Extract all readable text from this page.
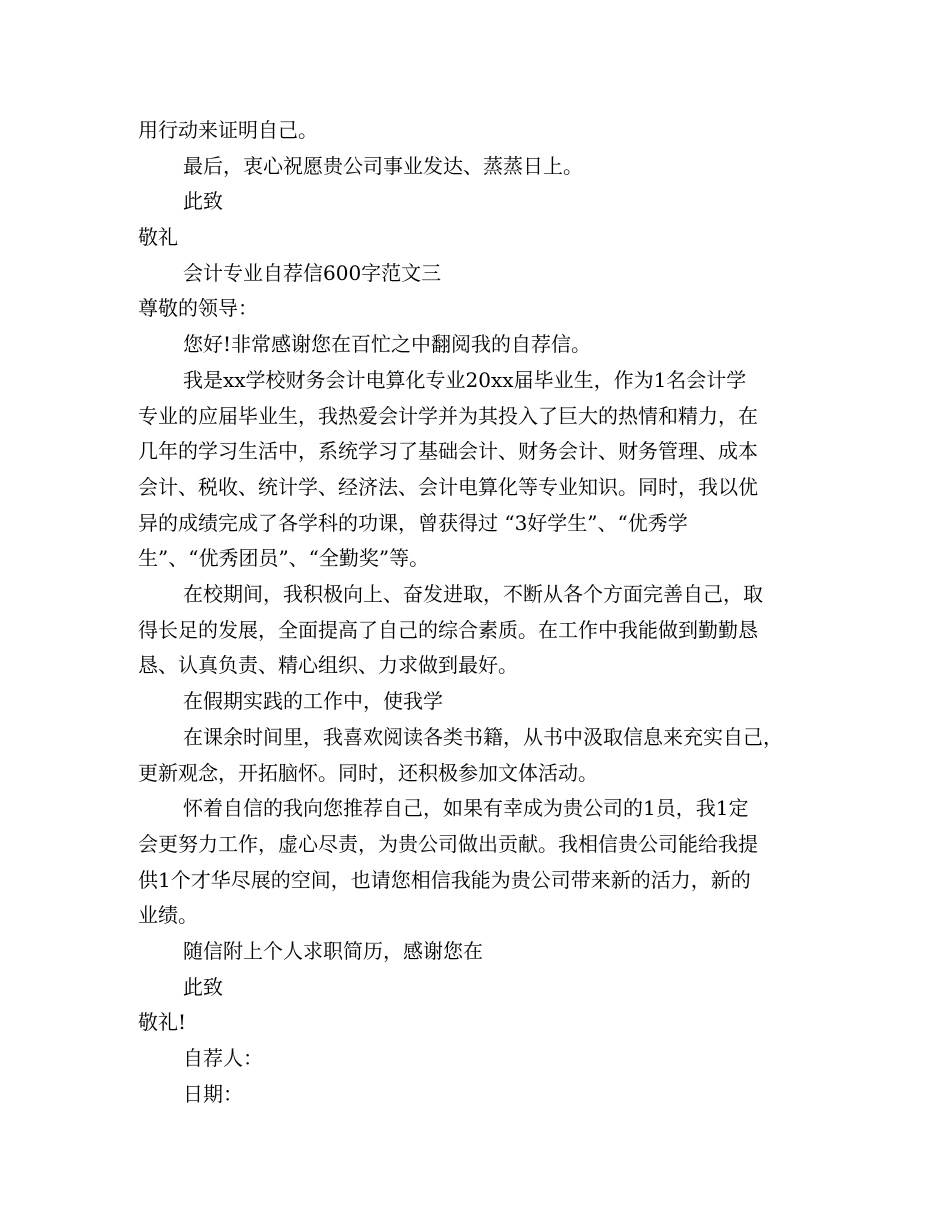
用行动来证明自己。
最后，衷心祝愿贵公司事业发达、蒸蒸日上。
此致
敬礼
会计专业自荐信600字范文三
尊敬的领导：
您好!非常感谢您在百忙之中翻阅我的自荐信。
我是xx学校财务会计电算化专业20xx届毕业生，作为1名会计学
专业的应届毕业生，我热爱会计学并为其投入了巨大的热情和精力，在
几年的学习生活中，系统学习了基础会计、财务会计、财务管理、成本
会计、税收、统计学、经济法、会计电算化等专业知识。同时，我以优
异的成绩完成了各学科的功课，曾获得过 “3好学生”、“优秀学
生”、“优秀团员”、“全勤奖”等。
在校期间，我积极向上、奋发进取，不断从各个方面完善自己，取
得长足的发展，全面提高了自己的综合素质。在工作中我能做到勤勤恳
恳、认真负责、精心组织、力求做到最好。
在假期实践的工作中，使我学
在课余时间里，我喜欢阅读各类书籍，从书中汲取信息来充实自己，
更新观念，开拓脑怀。同时，还积极参加文体活动。
怀着自信的我向您推荐自己，如果有幸成为贵公司的1员，我1定
会更努力工作，虚心尽责，为贵公司做出贡献。我相信贵公司能给我提
供1个才华尽展的空间，也请您相信我能为贵公司带来新的活力，新的
业绩。
随信附上个人求职简历，感谢您在
此致
敬礼!
自荐人：
日期：
